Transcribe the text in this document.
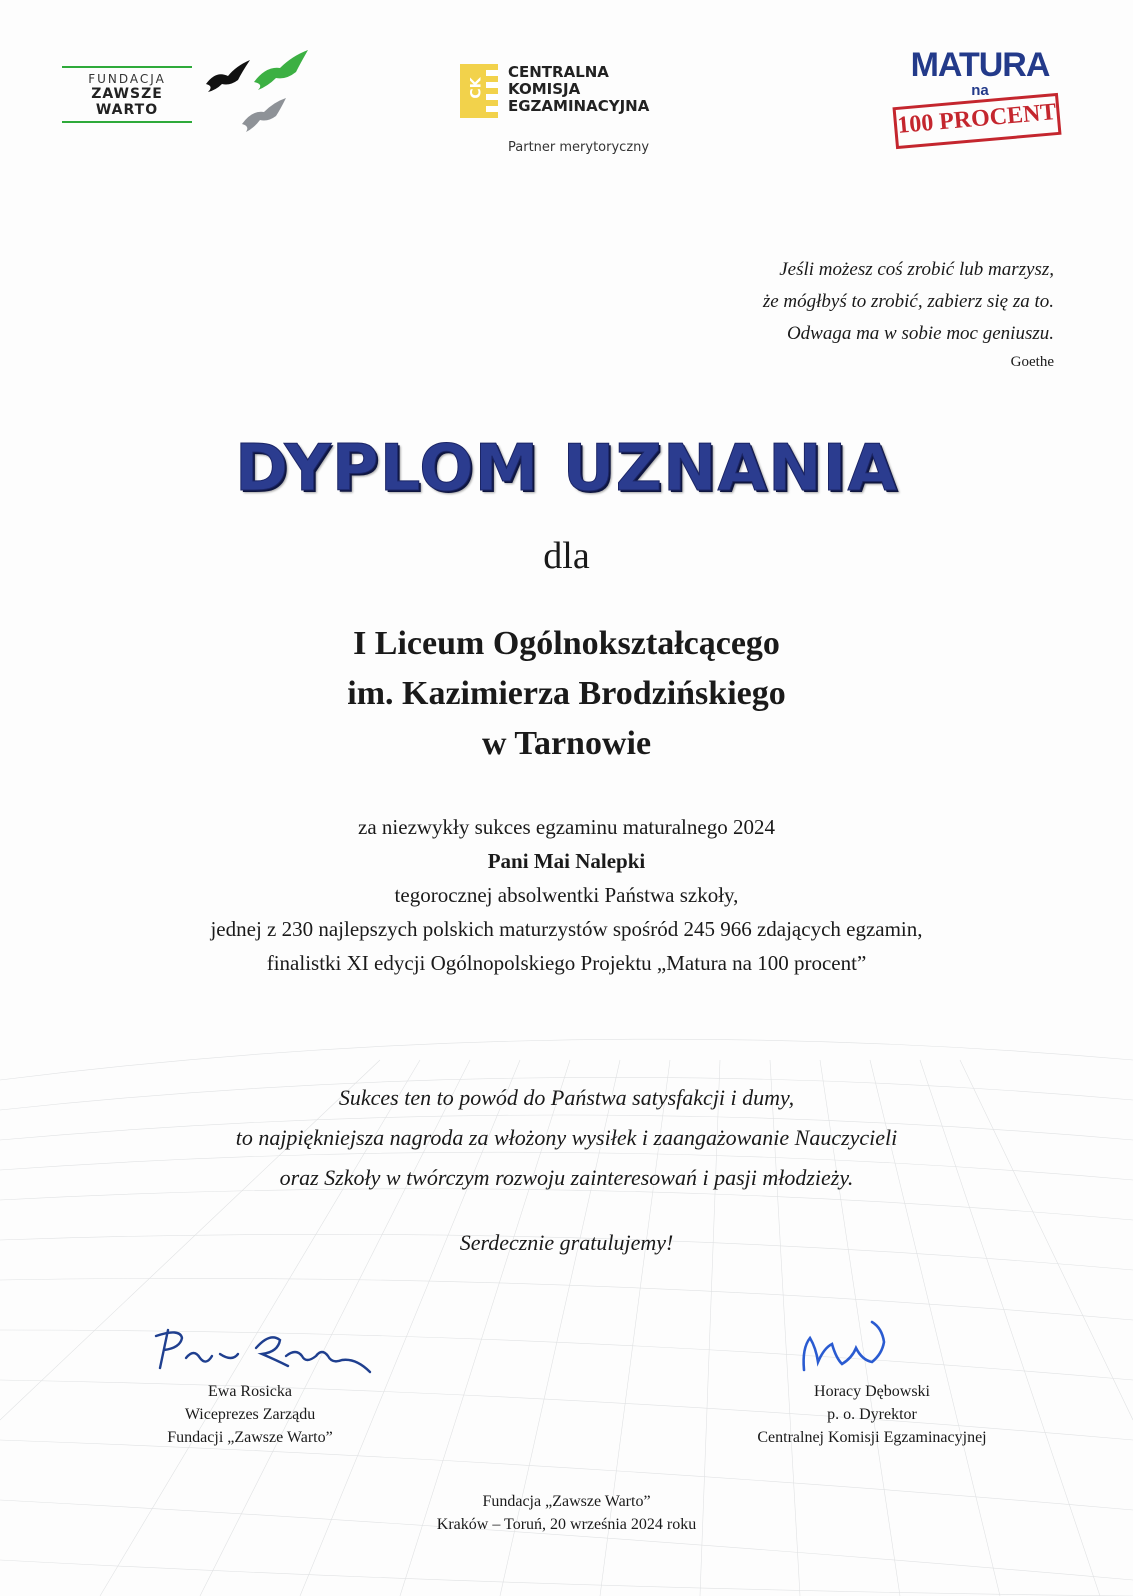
FUNDACJA
ZAWSZE WARTO
CK
CENTRALNA
KOMISJA
EGZAMINACYJNA
Partner merytoryczny
MATURA
na
100 PROCENT
Jeśli możesz coś zrobić lub marzysz,
że mógłbyś to zrobić, zabierz się za to.
Odwaga ma w sobie moc geniuszu.
Goethe
DYPLOM UZNANIA
dla
I Liceum Ogólnokształcącego
im. Kazimierza Brodzińskiego
w Tarnowie
za niezwykły sukces egzaminu maturalnego 2024
Pani Mai Nalepki
tegorocznej absolwentki Państwa szkoły,
jednej z 230 najlepszych polskich maturzystów spośród 245 966 zdających egzamin,
finalistki XI edycji Ogólnopolskiego Projektu „Matura na 100 procent”
Sukces ten to powód do Państwa satysfakcji i dumy,
to najpiękniejsza nagroda za włożony wysiłek i zaangażowanie Nauczycieli
oraz Szkoły w twórczym rozwoju zainteresowań i pasji młodzieży.
Serdecznie gratulujemy!
Ewa Rosicka
Wiceprezes Zarządu
Fundacji „Zawsze Warto”
Horacy Dębowski
p. o. Dyrektor
Centralnej Komisji Egzaminacyjnej
Fundacja „Zawsze Warto”
Kraków – Toruń, 20 września 2024 roku
